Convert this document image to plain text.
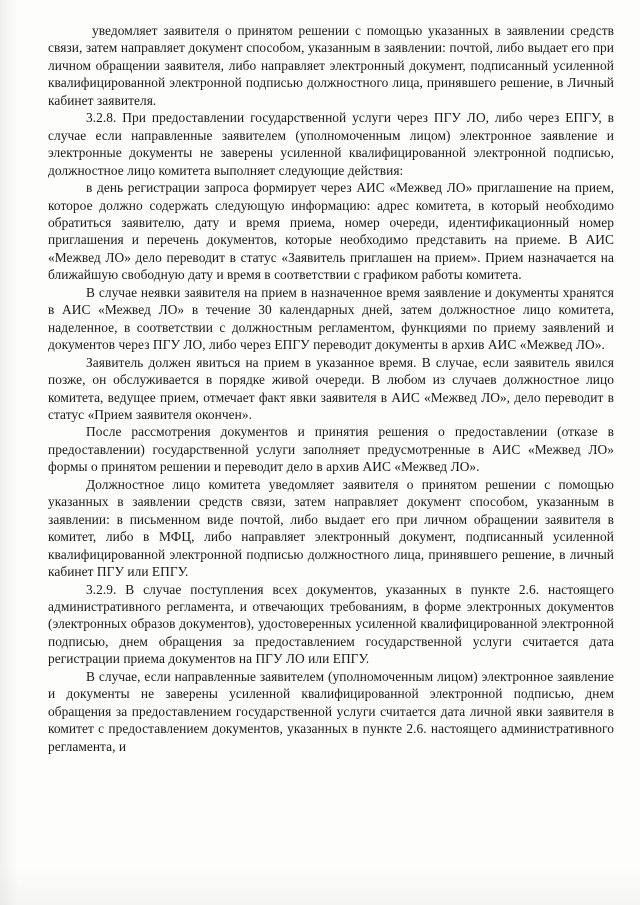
уведомляет заявителя о принятом решении с помощью указанных в заявлении средств связи, затем направляет документ способом, указанным в заявлении: почтой, либо выдает его при личном обращении заявителя, либо направляет электронный документ, подписанный усиленной квалифицированной электронной подписью должностного лица, принявшего решение, в Личный кабинет заявителя.

3.2.8. При предоставлении государственной услуги через ПГУ ЛО, либо через ЕПГУ, в случае если направленные заявителем (уполномоченным лицом) электронное заявление и электронные документы не заверены усиленной квалифицированной электронной подписью, должностное лицо комитета выполняет следующие действия:

в день регистрации запроса формирует через АИС «Межвед ЛО» приглашение на прием, которое должно содержать следующую информацию: адрес комитета, в который необходимо обратиться заявителю, дату и время приема, номер очереди, идентификационный номер приглашения и перечень документов, которые необходимо представить на приеме. В АИС «Межвед ЛО» дело переводит в статус «Заявитель приглашен на прием». Прием назначается на ближайшую свободную дату и время в соответствии с графиком работы комитета.

В случае неявки заявителя на прием в назначенное время заявление и документы хранятся в АИС «Межвед ЛО» в течение 30 календарных дней, затем должностное лицо комитета, наделенное, в соответствии с должностным регламентом, функциями по приему заявлений и документов через ПГУ ЛО, либо через ЕПГУ переводит документы в архив АИС «Межвед ЛО».

Заявитель должен явиться на прием в указанное время. В случае, если заявитель явился позже, он обслуживается в порядке живой очереди. В любом из случаев должностное лицо комитета, ведущее прием, отмечает факт явки заявителя в АИС «Межвед ЛО», дело переводит в статус «Прием заявителя окончен».

После рассмотрения документов и принятия решения о предоставлении (отказе в предоставлении) государственной услуги заполняет предусмотренные в АИС «Межвед ЛО» формы о принятом решении и переводит дело в архив АИС «Межвед ЛО».

Должностное лицо комитета уведомляет заявителя о принятом решении с помощью указанных в заявлении средств связи, затем направляет документ способом, указанным в заявлении: в письменном виде почтой, либо выдает его при личном обращении заявителя в комитет, либо в МФЦ, либо направляет электронный документ, подписанный усиленной квалифицированной электронной подписью должностного лица, принявшего решение, в личный кабинет ПГУ или ЕПГУ.

3.2.9. В случае поступления всех документов, указанных в пункте 2.6. настоящего административного регламента, и отвечающих требованиям, в форме электронных документов (электронных образов документов), удостоверенных усиленной квалифицированной электронной подписью, днем обращения за предоставлением государственной услуги считается дата регистрации приема документов на ПГУ ЛО или ЕПГУ.

В случае, если направленные заявителем (уполномоченным лицом) электронное заявление и документы не заверены усиленной квалифицированной электронной подписью, днем обращения за предоставлением государственной услуги считается дата личной явки заявителя в комитет с предоставлением документов, указанных в пункте 2.6. настоящего административного регламента, и
